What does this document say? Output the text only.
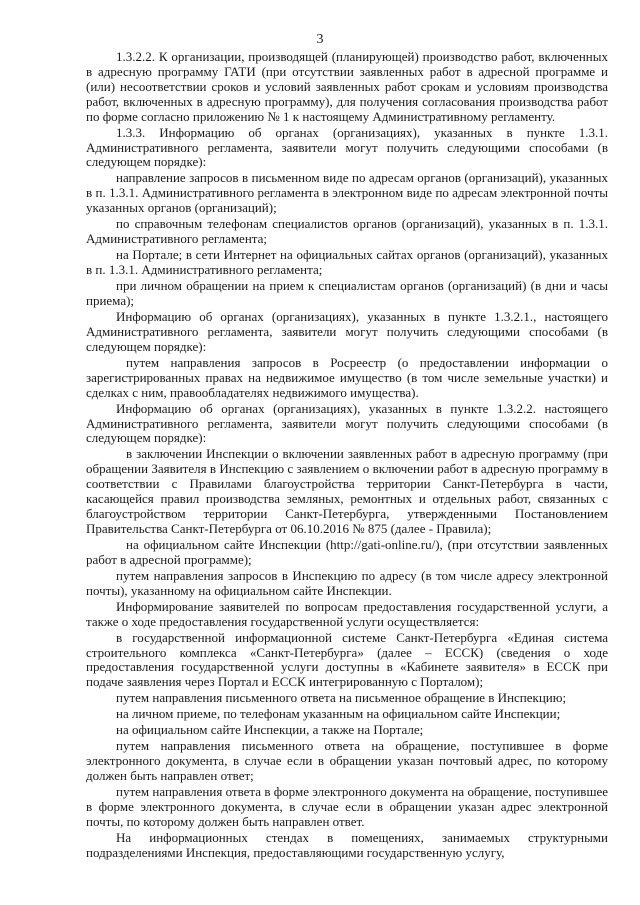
3

1.3.2.2. К организации, производящей (планирующей) производство работ, включенных в адресную программу ГАТИ (при отсутствии заявленных работ в адресной программе и (или) несоответствии сроков и условий заявленных работ срокам и условиям производства работ, включенных в адресную программу), для получения согласования производства работ по форме согласно приложению № 1 к настоящему Административному регламенту.

1.3.3. Информацию об органах (организациях), указанных в пункте 1.3.1. Административного регламента, заявители могут получить следующими способами (в следующем порядке):

направление запросов в письменном виде по адресам органов (организаций), указанных в п. 1.3.1. Административного регламента в электронном виде по адресам электронной почты указанных органов (организаций);

по справочным телефонам специалистов органов (организаций), указанных в п. 1.3.1. Административного регламента;

на Портале; в сети Интернет на официальных сайтах органов (организаций), указанных в п. 1.3.1. Административного регламента;

при личном обращении на прием к специалистам органов (организаций) (в дни и часы приема);

Информацию об органах (организациях), указанных в пункте 1.3.2.1., настоящего Административного регламента, заявители могут получить следующими способами (в следующем порядке):

путем направления запросов в Росреестр (о предоставлении информации о зарегистрированных правах на недвижимое имущество (в том числе земельные участки) и сделках с ним, правообладателях недвижимого имущества).

Информацию об органах (организациях), указанных в пункте 1.3.2.2. настоящего Административного регламента, заявители могут получить следующими способами (в следующем порядке):

в заключении Инспекции о включении заявленных работ в адресную программу (при обращении Заявителя в Инспекцию с заявлением о включении работ в адресную программу в соответствии с Правилами благоустройства территории Санкт-Петербурга в части, касающейся правил производства земляных, ремонтных и отдельных работ, связанных с благоустройством территории Санкт-Петербурга, утвержденными Постановлением Правительства Санкт-Петербурга от 06.10.2016 № 875 (далее - Правила);

на официальном сайте Инспекции (http://gati-online.ru/), (при отсутствии заявленных работ в адресной программе);

путем направления запросов в Инспекцию по адресу (в том числе адресу электронной почты), указанному на официальном сайте Инспекции.

Информирование заявителей по вопросам предоставления государственной услуги, а также о ходе предоставления государственной услуги осуществляется:

в государственной информационной системе Санкт-Петербурга «Единая система строительного комплекса «Санкт-Петербурга» (далее – ЕССК) (сведения о ходе предоставления государственной услуги доступны в «Кабинете заявителя» в ЕССК при подаче заявления через Портал и ЕССК интегрированную с Порталом);

путем направления письменного ответа на письменное обращение в Инспекцию;

на личном приеме, по телефонам указанным на официальном сайте Инспекции;

на официальном сайте Инспекции, а также на Портале;

путем направления письменного ответа на обращение, поступившее в форме электронного документа, в случае если в обращении указан почтовый адрес, по которому должен быть направлен ответ;

путем направления ответа в форме электронного документа на обращение, поступившее в форме электронного документа, в случае если в обращении указан адрес электронной почты, по которому должен быть направлен ответ.

На информационных стендах в помещениях, занимаемых структурными подразделениями Инспекция, предоставляющими государственную услугу,
